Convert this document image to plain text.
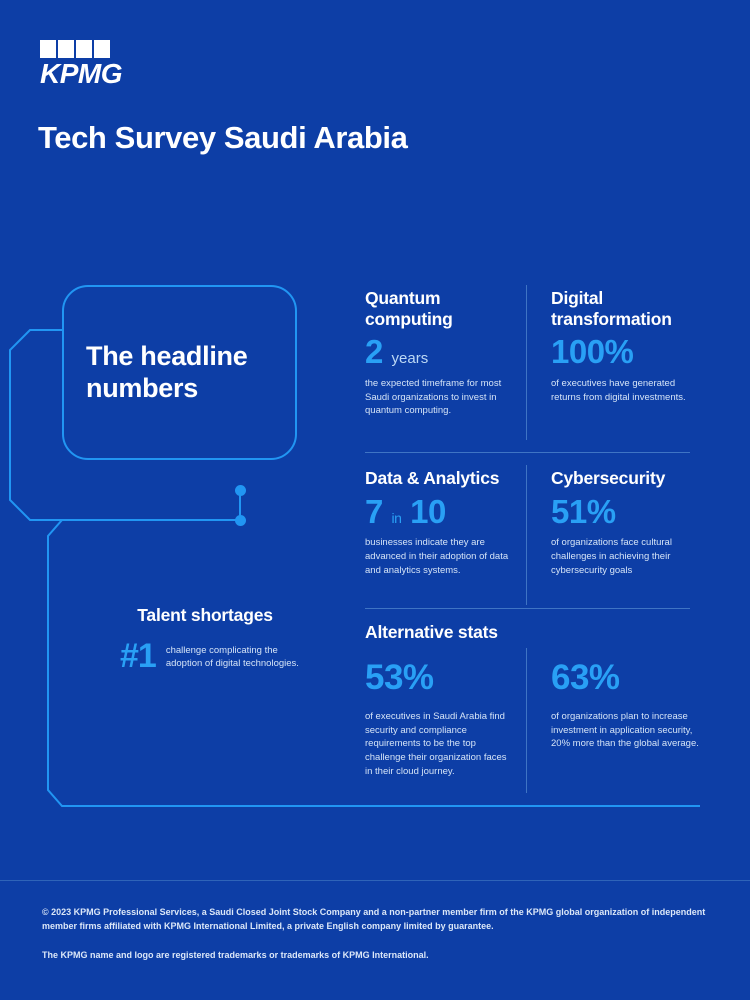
KPMG
Tech Survey Saudi Arabia
The headline numbers
Quantum computing
2 years
the expected timeframe for most Saudi organizations to invest in quantum computing.
Digital transformation
100%
of executives have generated returns from digital investments.
Data & Analytics
7 in 10
businesses indicate they are advanced in their adoption of data and analytics systems.
Cybersecurity
51%
of organizations face cultural challenges in achieving their cybersecurity goals
Talent shortages
#1 challenge complicating the adoption of digital technologies.
Alternative stats
53%
of executives in Saudi Arabia find security and compliance requirements to be the top challenge their organization faces in their cloud journey.
63%
of organizations plan to increase investment in application security, 20% more than the global average.

© 2023 KPMG Professional Services, a Saudi Closed Joint Stock Company and a non-partner member firm of the KPMG global organization of independent member firms affiliated with KPMG International Limited, a private English company limited by guarantee.

The KPMG name and logo are registered trademarks or trademarks of KPMG International.
